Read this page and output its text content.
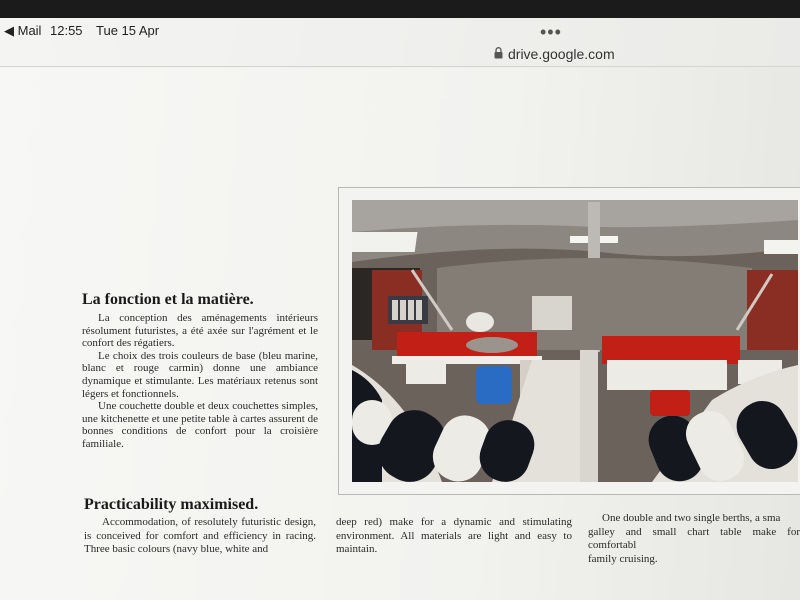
◀ Mail 12:55 Tue 15 Apr	•••
drive.google.com
La fonction et la matière.

La conception des aménagements intérieurs résolument futuristes, a été axée sur l'agrément et le confort des régatiers.

Le choix des trois couleurs de base (bleu marine, blanc et rouge carmin) donne une ambiance dynamique et stimulante. Les matériaux retenus sont légers et fonctionnels.

Une couchette double et deux couchettes simples, une kitchenette et une petite table à cartes assurent de bonnes conditions de confort pour la croisière familiale.

Practicability maximised.
Accommodation, of resolutely futuristic design, is conceived for comfort and efficiency in racing. Three basic colours (navy blue, white and
deep red) make for a dynamic and stimulating environment. All materials are light and easy to maintain.
One double and two single berths, a sma
galley and small chart table make for comfortabl
family cruising.
